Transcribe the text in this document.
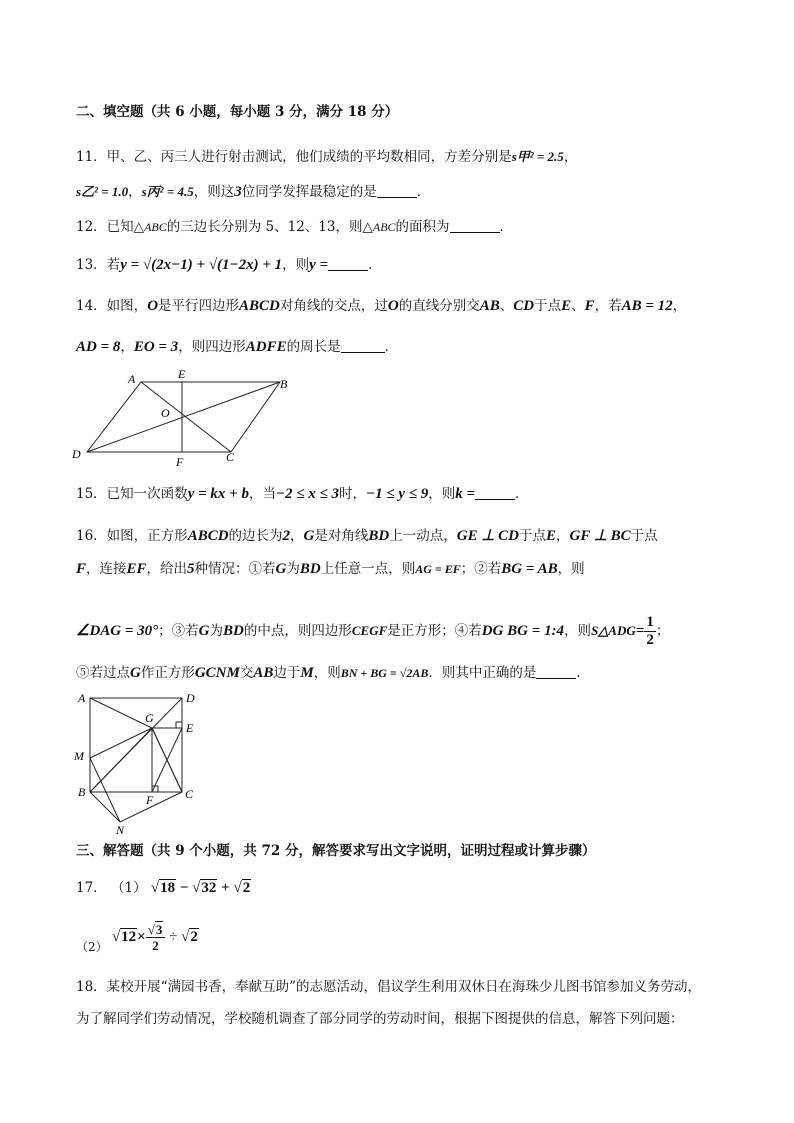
二、填空题（共 6 小题，每小题 3 分，满分 18 分）
11．甲、乙、丙三人进行射击测试，他们成绩的平均数相同，方差分别是s甲² = 2.5，
s乙² = 1.0，s丙² = 4.5，则这3位同学发挥最稳定的是	．
12．已知△ABC的三边长分别为 5、12、13，则△ABC的面积为	．
13．若y = √(2x−1) + √(1−2x) + 1，则y =	．
14．如图，O是平行四边形ABCD对角线的交点，过O的直线分别交AB、CD于点E、F，若AB = 12，
AD = 8，EO = 3，则四边形ADFE的周长是	．
A	E
B
O
D
F	C
15．已知一次函数y = kx + b，当−2 ≤ x ≤ 3时，−1 ≤ y ≤ 9，则k =	．
16．如图，正方形ABCD的边长为2，G是对角线BD上一动点，GE ⊥ CD于点E，GF ⊥ BC于点
F，连接EF，给出5种情况：①若G为BD上任意一点，则AG = EF；②若BG = AB，则
∠DAG = 30°；③若G为BD的中点，则四边形CEGF是正方形；④若DG BG = 1:4，则S△ADG= $\frac{1}{2}$ ；
⑤若过点G作正方形GCNM交AB边于M，则BN + BG = √2AB．则其中正确的是	．
A	D
G
E
M
B
F	C
N
三、解答题（共 9 个小题，共 72 分，解答要求写出文字说明，证明过程或计算步骤）
17． （1） √18 − √32 + √2
（2） $√12\times \frac{√3}{2} \div √2$
18．某校开展“满园书香，奉献互助”的志愿活动，倡议学生利用双休日在海珠少儿图书馆参加义务劳动，
为了解同学们劳动情况，学校随机调查了部分同学的劳动时间，根据下图提供的信息，解答下列问题：
